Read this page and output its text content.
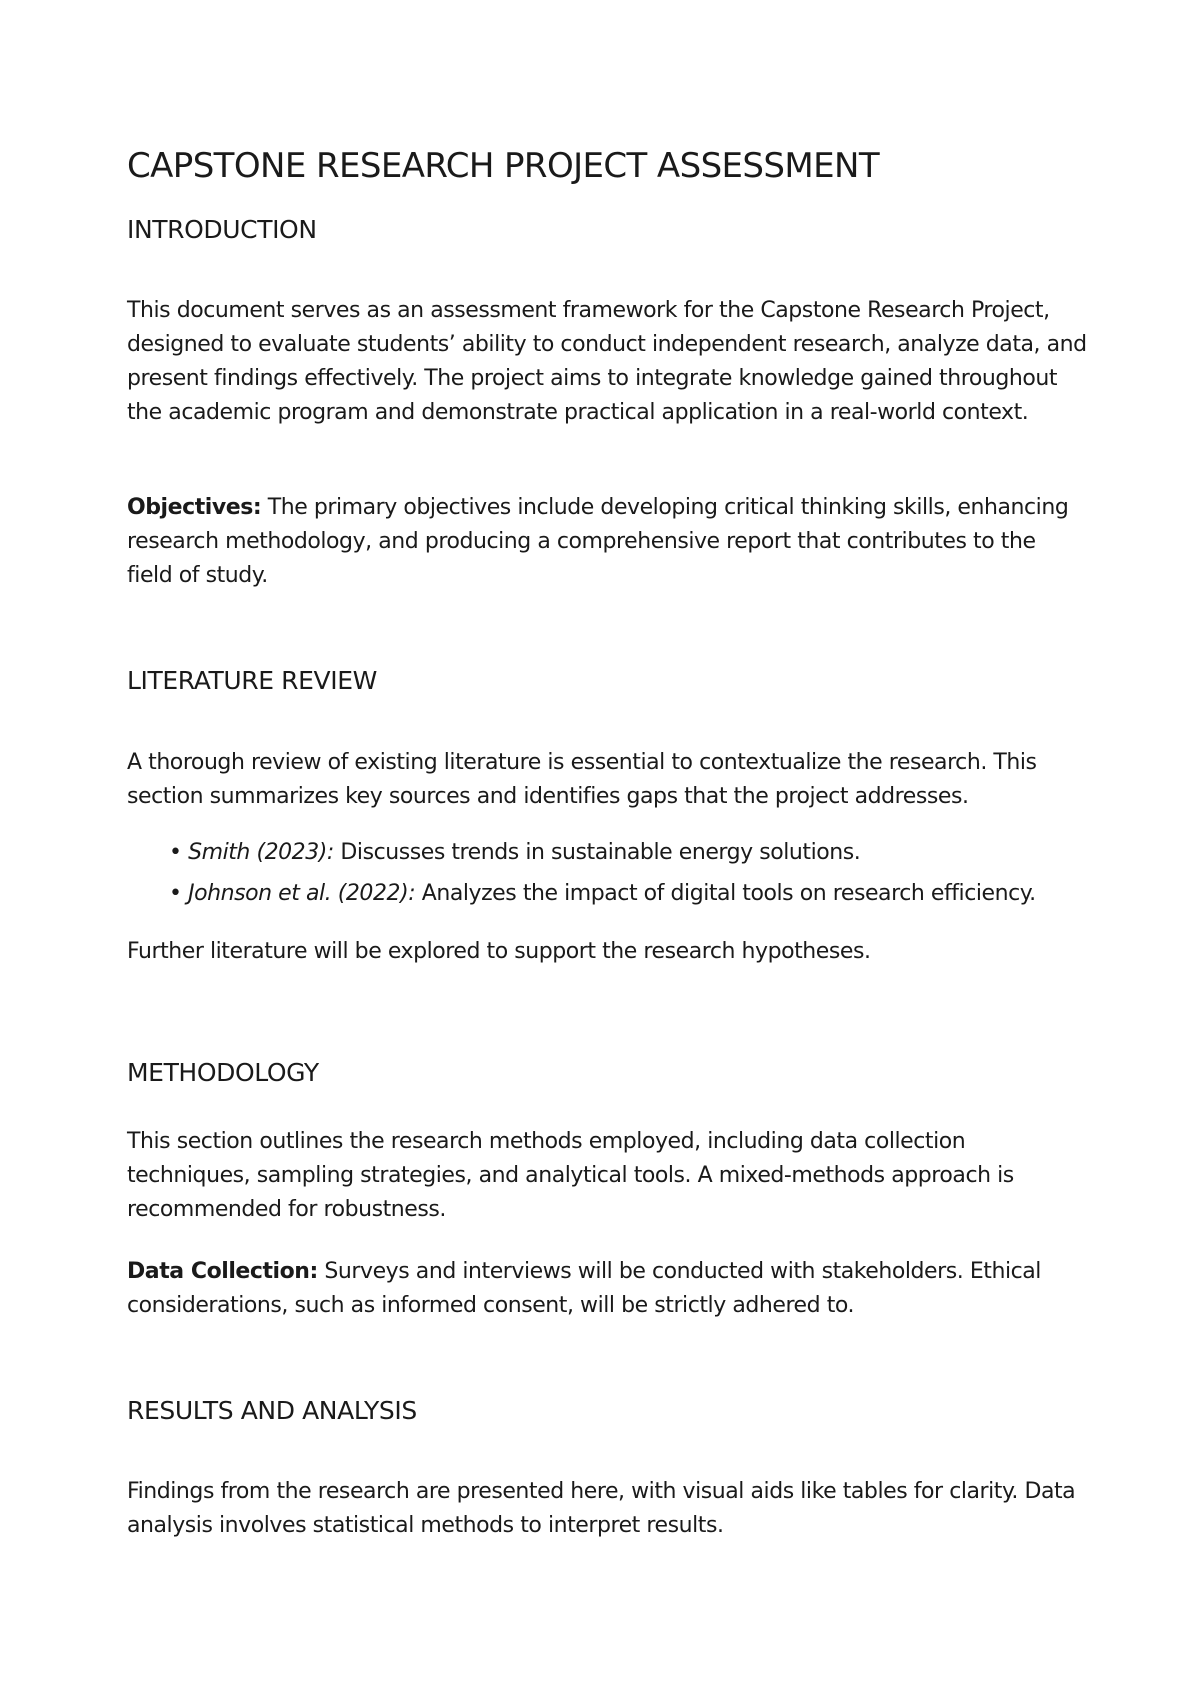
CAPSTONE RESEARCH PROJECT ASSESSMENT
INTRODUCTION

This document serves as an assessment framework for the Capstone Research Project, designed to evaluate students’ ability to conduct independent research, analyze data, and present findings effectively. The project aims to integrate knowledge gained throughout the academic program and demonstrate practical application in a real-world context.

Objectives: The primary objectives include developing critical thinking skills, enhancing research methodology, and producing a comprehensive report that contributes to the field of study.

LITERATURE REVIEW

A thorough review of existing literature is essential to contextualize the research. This section summarizes key sources and identifies gaps that the project addresses.

• Smith (2023): Discusses trends in sustainable energy solutions.

• Johnson et al. (2022): Analyzes the impact of digital tools on research efficiency.

Further literature will be explored to support the research hypotheses.

METHODOLOGY

This section outlines the research methods employed, including data collection techniques, sampling strategies, and analytical tools. A mixed-methods approach is recommended for robustness.

Data Collection: Surveys and interviews will be conducted with stakeholders. Ethical considerations, such as informed consent, will be strictly adhered to.

RESULTS AND ANALYSIS

Findings from the research are presented here, with visual aids like tables for clarity. Data analysis involves statistical methods to interpret results.
